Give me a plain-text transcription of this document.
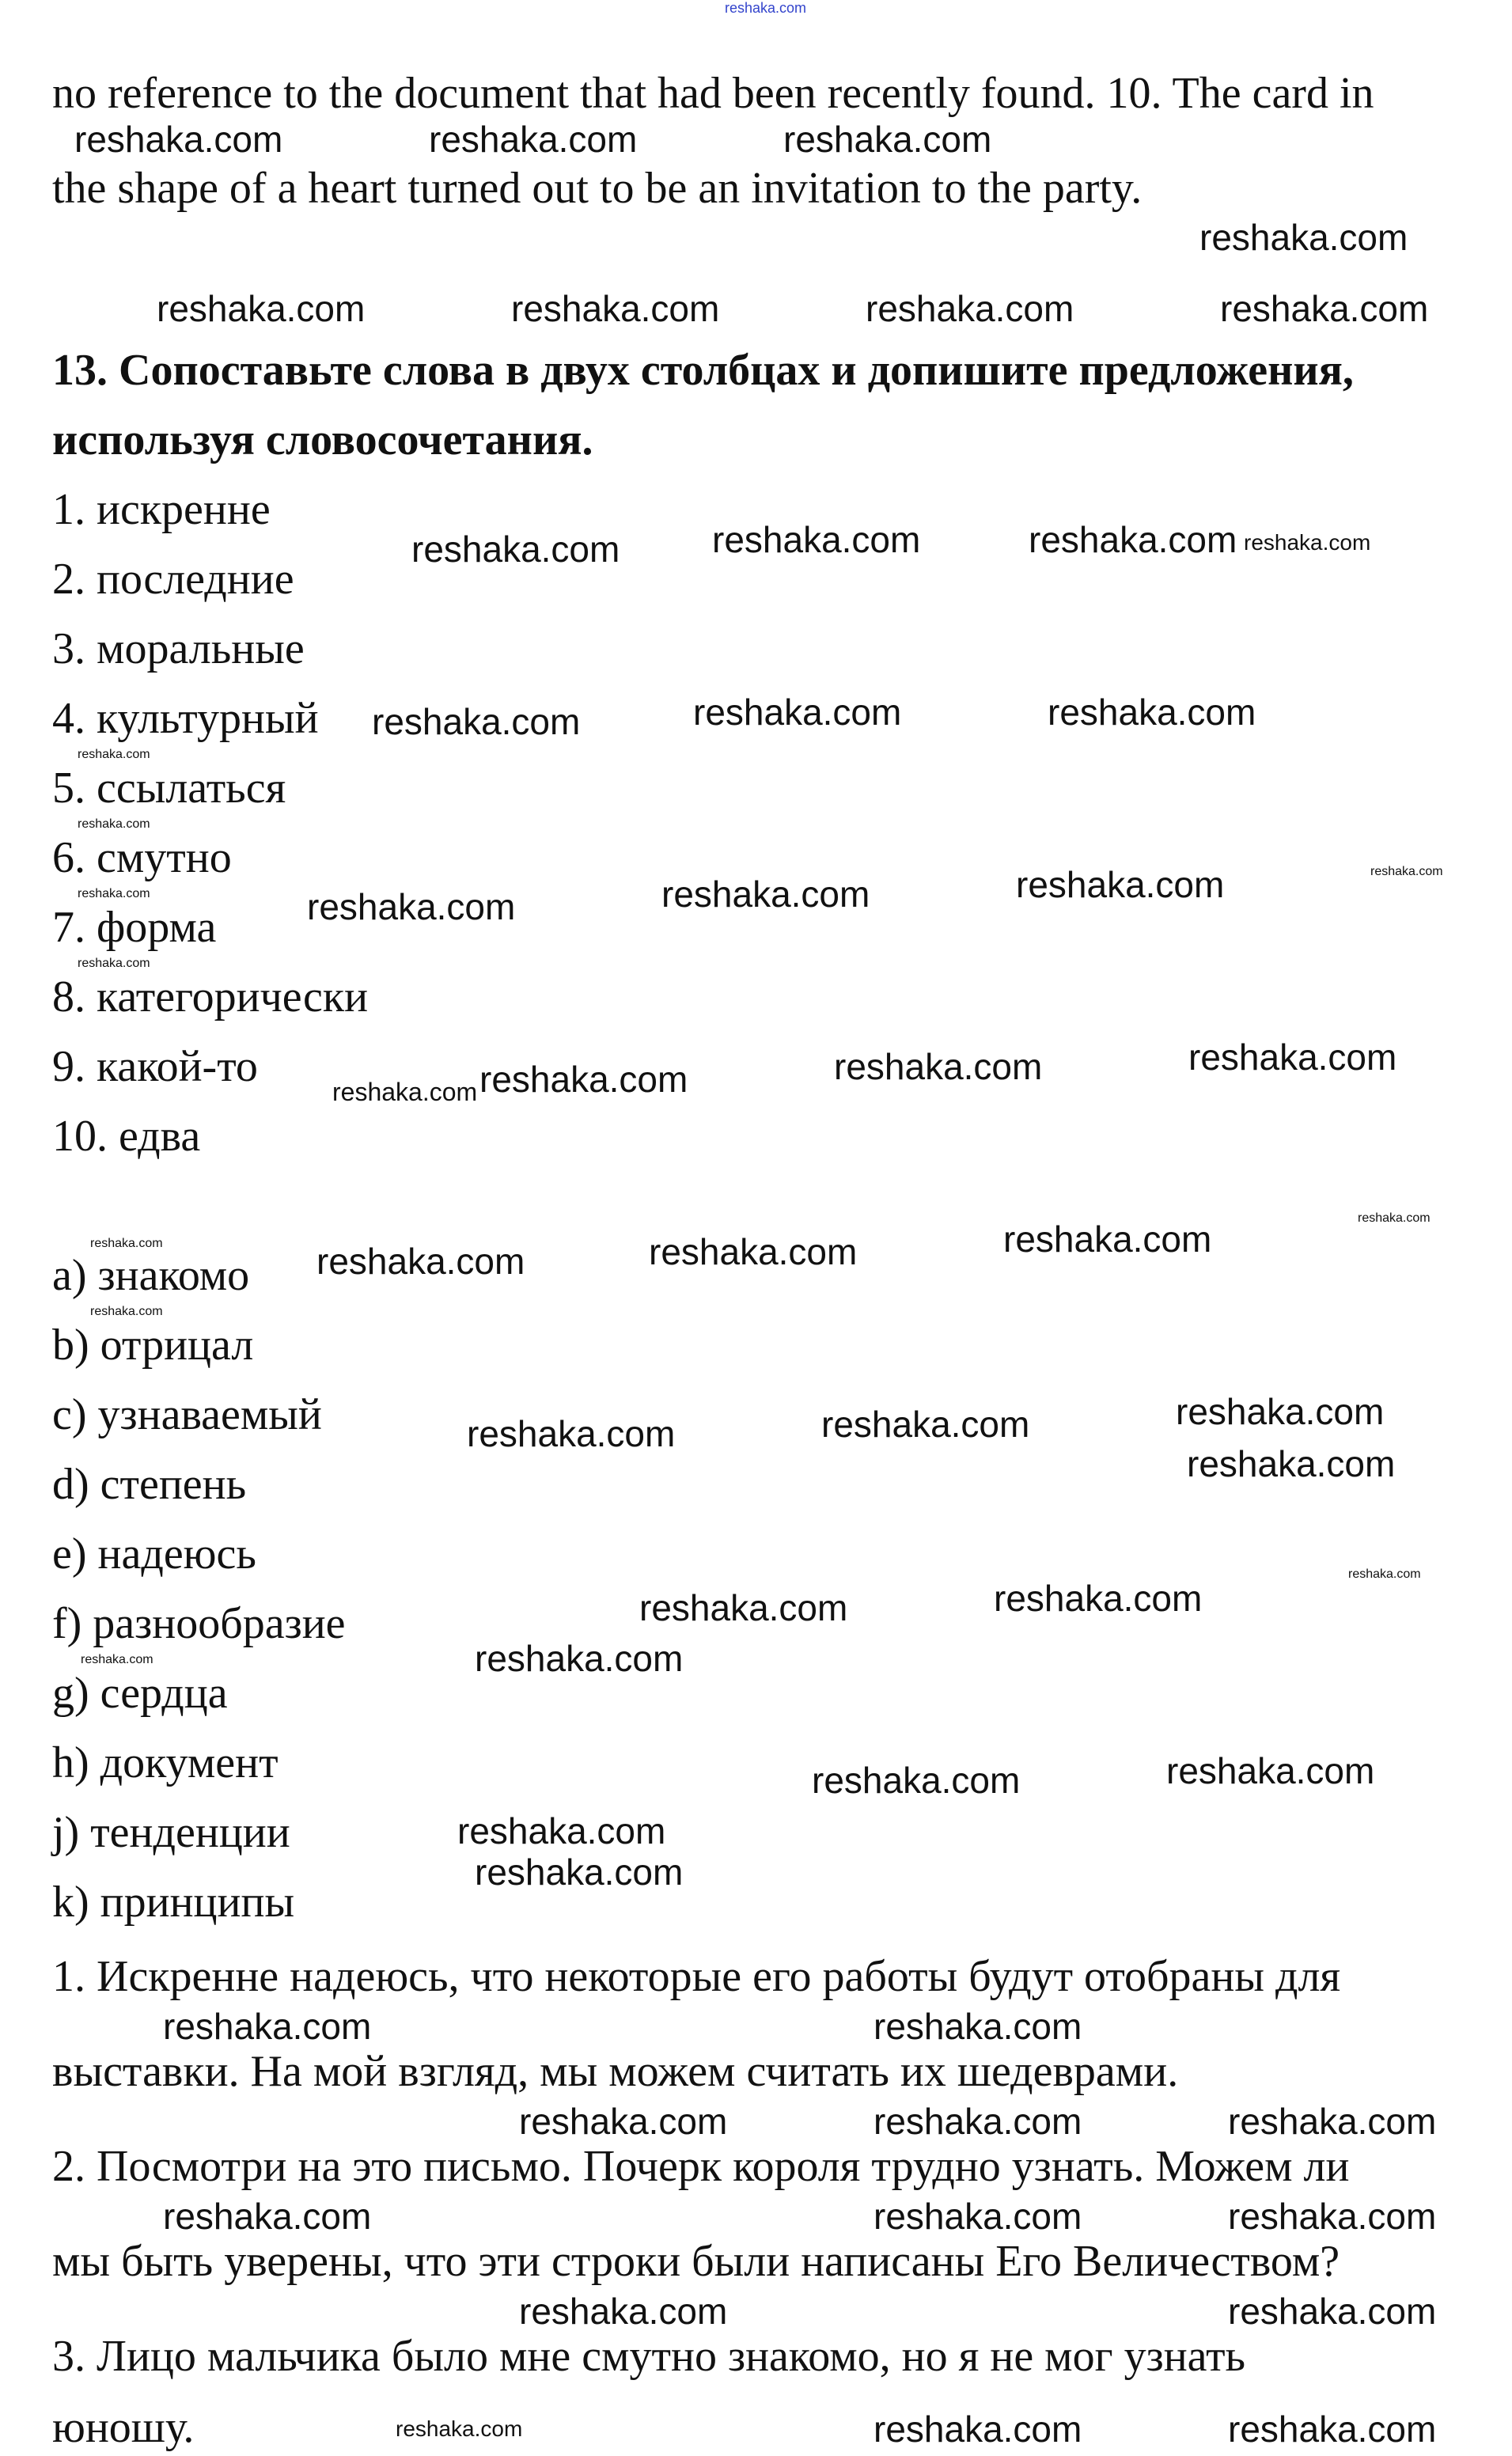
no reference to the document that had been recently found. 10. The card in
the shape of a heart turned out to be an invitation to the party.
13. Сопоставьте слова в двух столбцах и допишите предложения,
используя словосочетания.
1. искренне
2. последние
3. моральные
4. культурный
5. ссылаться
6. смутно
7. форма
8. категорически
9. какой-то
10. едва
a) знакомо
b) отрицал
c) узнаваемый
d) степень
e) надеюсь
f) разнообразие
g) сердца
h) документ
j) тенденции
k) принципы
1. Искренне надеюсь, что некоторые его работы будут отобраны для
выставки. На мой взгляд, мы можем считать их шедеврами.
2. Посмотри на это письмо. Почерк короля трудно узнать. Можем ли
мы быть уверены, что эти строки были написаны Его Величеством?
3. Лицо мальчика было мне смутно знакомо, но я не мог узнать
юношу.
reshaka.com
reshaka.com	reshaka.com	reshaka.com
reshaka.com
reshaka.com	reshaka.com	reshaka.com	reshaka.com
reshaka.com	reshaka.com	reshaka.com reshaka.com
reshaka.com	reshaka.com	reshaka.com
reshaka.com
reshaka.com
reshaka.com
reshaka.com	reshaka.com	reshaka.com	reshaka.com
reshaka.com
reshaka.com reshaka.com	reshaka.com	reshaka.com
reshaka.com	reshaka.com	reshaka.com	reshaka.com
reshaka.com
reshaka.com
reshaka.com	reshaka.com	reshaka.com
reshaka.com
reshaka.com
reshaka.com	reshaka.com
reshaka.com
reshaka.com
reshaka.com	reshaka.com
reshaka.com
reshaka.com
reshaka.com	reshaka.com
reshaka.com	reshaka.com	reshaka.com
reshaka.com	reshaka.com	reshaka.com
reshaka.com	reshaka.com
reshaka.com	reshaka.com	reshaka.com
